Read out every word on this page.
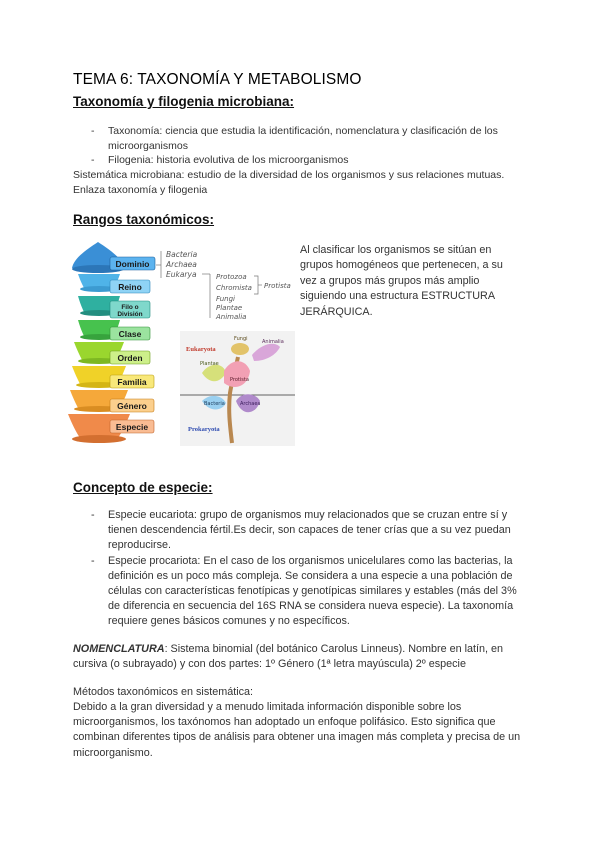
TEMA 6: TAXONOMÍA Y METABOLISMO
Taxonomía y filogenia microbiana:
- Taxonomía: ciencia que estudia la identificación, nomenclatura y clasificación de los microorganismos
- Filogenia: historia evolutiva de los microorganismos

Sistemática microbiana: estudio de la diversidad de los organismos y sus relaciones mutuas. Enlaza taxonomía y filogenia

Rangos taxonómicos:
Dominio
Reino
Filo o
División
Clase
Orden
Familia
Género
Especie
Bacteria
Archaea
Eukarya	Protozoa
Chromista
Fungi
Plantae
Animalia
Protista
Eukaryota
Prokaryota
Fungi	Animalia
Plantae
Protista
Bacteria	Archaea

Al clasificar los organismos se sitúan en grupos homogéneos que pertenecen, a su vez a grupos más grupos más amplio siguiendo una estructura ESTRUCTURA JERÁRQUICA.

Concepto de especie:
- Especie eucariota: grupo de organismos muy relacionados que se cruzan entre sí y tienen descendencia fértil.Es decir, son capaces de tener crías que a su vez puedan reproducirse.
- Especie procariota: En el caso de los organismos unicelulares como las bacterias, la definición es un poco más compleja. Se considera a una especie a una población de células con características fenotípicas y genotípicas similares y estables (más del 3% de diferencia en secuencia del 16S RNA se considera nueva especie). La taxonomía requiere genes básicos comunes y no específicos.

NOMENCLATURA: Sistema binomial (del botánico Carolus Linneus). Nombre en latín, en cursiva (o subrayado) y con dos partes: 1º Género (1ª letra mayúscula) 2º especie

Métodos taxonómicos en sistemática:

Debido a la gran diversidad y a menudo limitada información disponible sobre los microorganismos, los taxónomos han adoptado un enfoque polifásico. Esto significa que combinan diferentes tipos de análisis para obtener una imagen más completa y precisa de un microorganismo.
